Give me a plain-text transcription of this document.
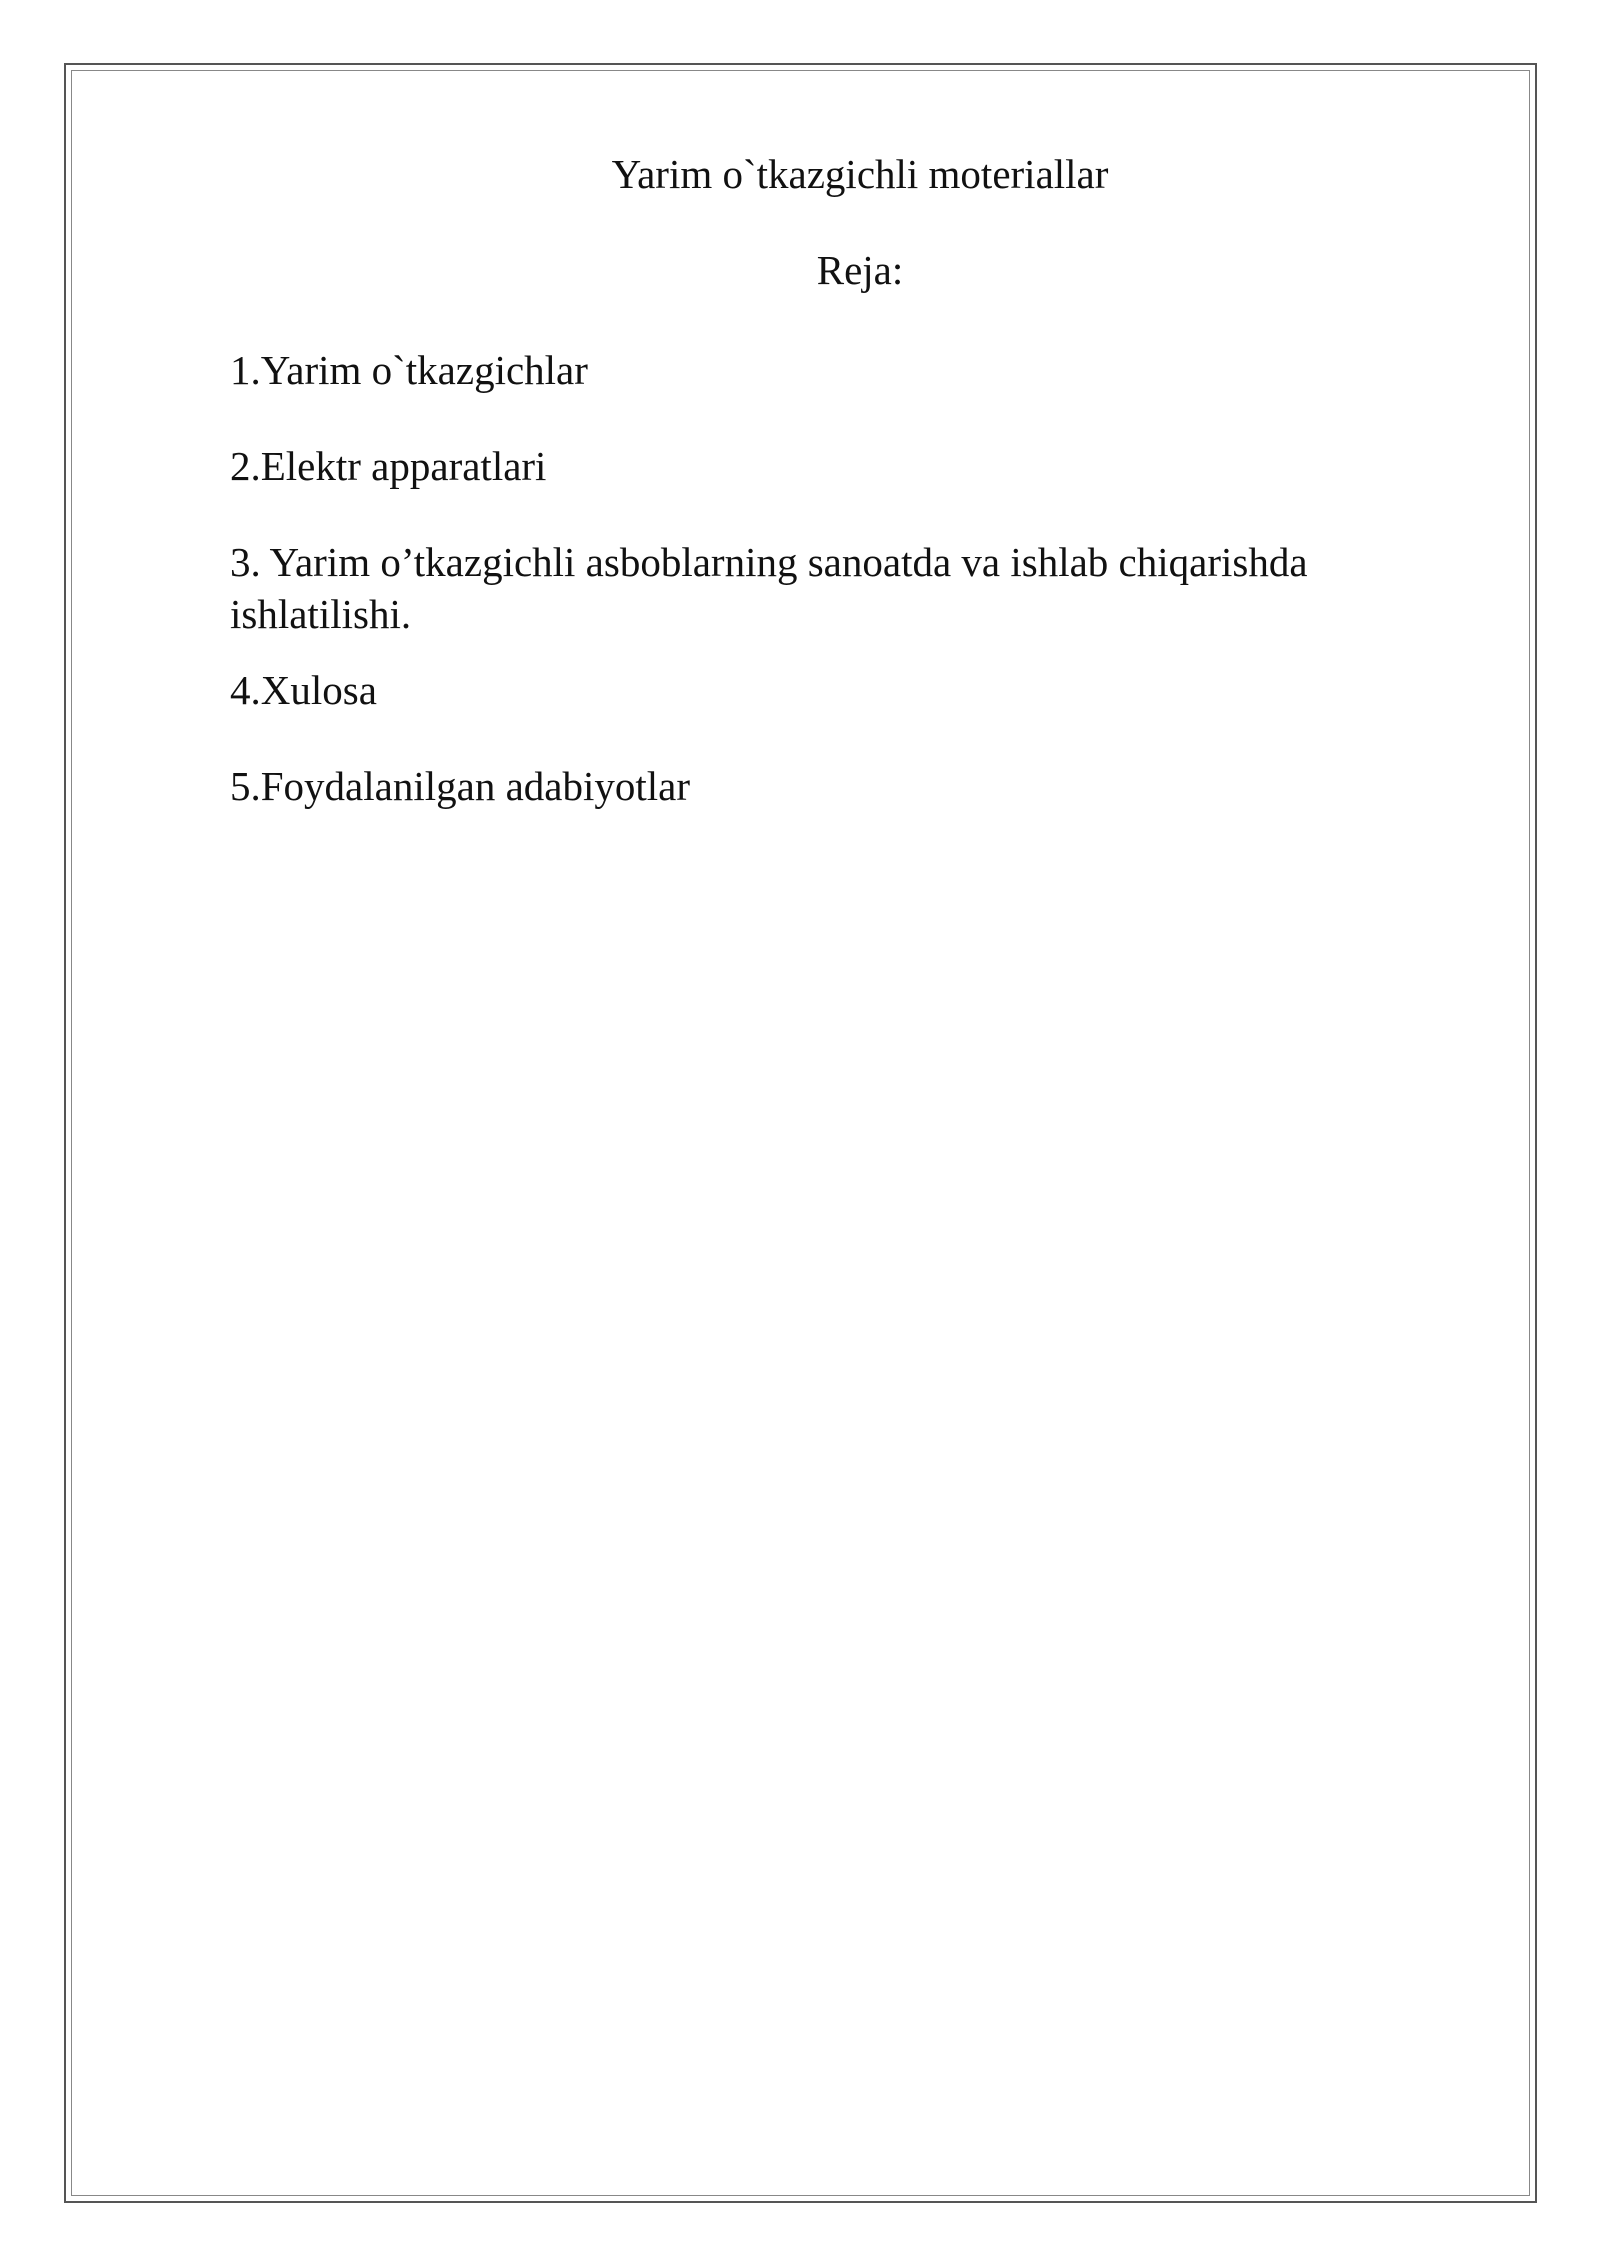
Yarim o`tkazgichli moteriallar
Reja:
1.Yarim o`tkazgichlar
2.Elektr apparatlari
3. Yarim o’tkazgichli asboblarning sanoatda va ishlab chiqarishda ishlatilishi.
4.Xulosa
5.Foydalanilgan adabiyotlar
